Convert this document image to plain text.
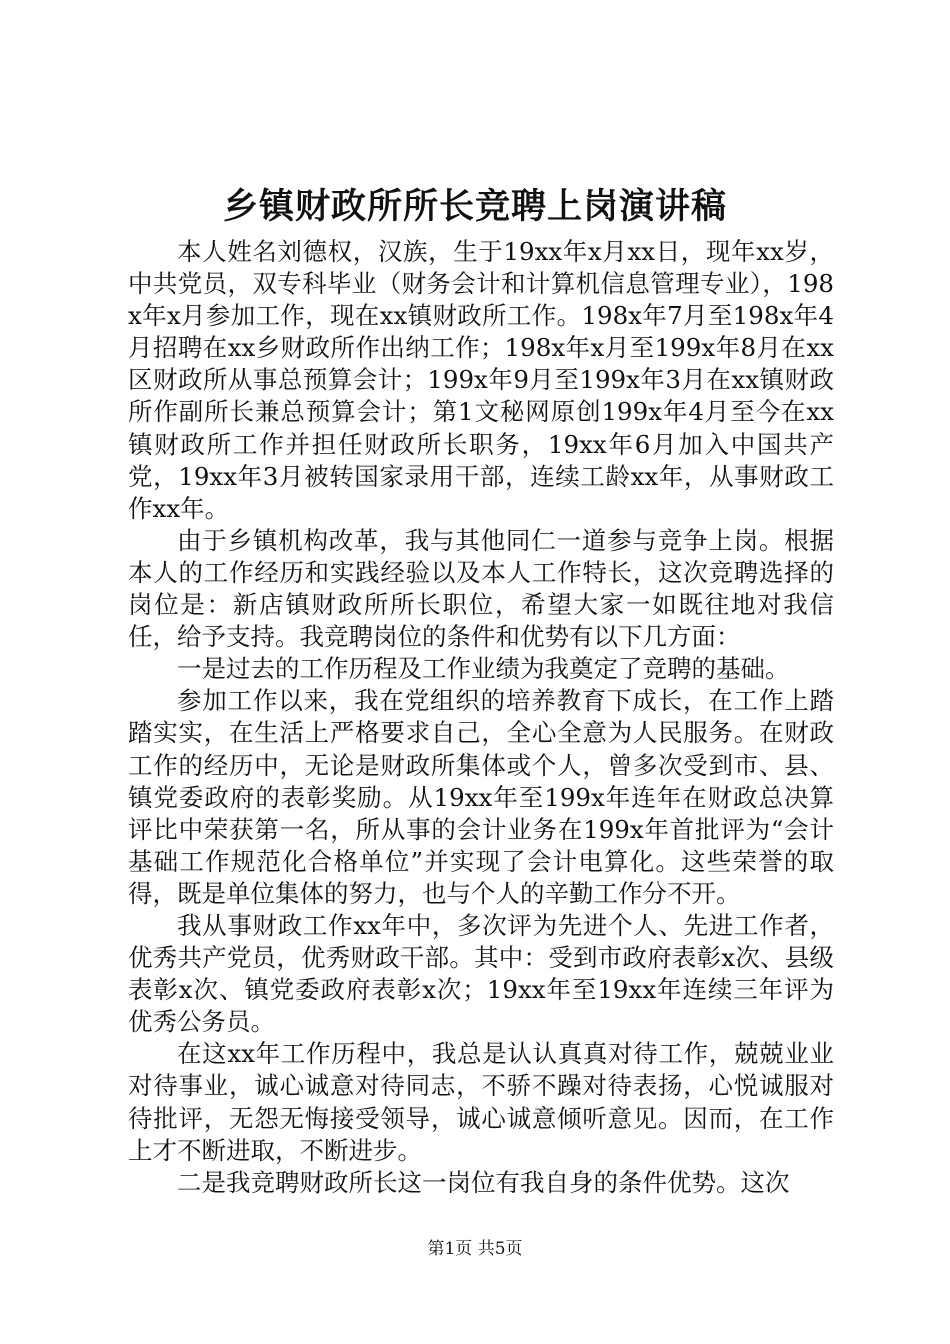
乡镇财政所所长竞聘上岗演讲稿

本人姓名刘德权，汉族，生于19xx年x月xx日，现年xx岁，中共党员，双专科毕业（财务会计和计算机信息管理专业），198x年x月参加工作，现在xx镇财政所工作。198x年7月至198x年4月招聘在xx乡财政所作出纳工作；198x年x月至199x年8月在xx区财政所从事总预算会计；199x年9月至199x年3月在xx镇财政所作副所长兼总预算会计；第1文秘网原创199x年4月至今在xx镇财政所工作并担任财政所长职务，19xx年6月加入中国共产党，19xx年3月被转国家录用干部，连续工龄xx年，从事财政工作xx年。

由于乡镇机构改革，我与其他同仁一道参与竞争上岗。根据本人的工作经历和实践经验以及本人工作特长，这次竞聘选择的岗位是：新店镇财政所所长职位，希望大家一如既往地对我信任，给予支持。我竞聘岗位的条件和优势有以下几方面：

一是过去的工作历程及工作业绩为我奠定了竞聘的基础。

参加工作以来，我在党组织的培养教育下成长，在工作上踏踏实实，在生活上严格要求自己，全心全意为人民服务。在财政工作的经历中，无论是财政所集体或个人，曾多次受到市、县、镇党委政府的表彰奖励。从19xx年至199x年连年在财政总决算评比中荣获第一名，所从事的会计业务在199x年首批评为“会计基础工作规范化合格单位”并实现了会计电算化。这些荣誉的取得，既是单位集体的努力，也与个人的辛勤工作分不开。

我从事财政工作xx年中，多次评为先进个人、先进工作者，优秀共产党员，优秀财政干部。其中：受到市政府表彰x次、县级表彰x次、镇党委政府表彰x次；19xx年至19xx年连续三年评为优秀公务员。

在这xx年工作历程中，我总是认认真真对待工作，兢兢业业对待事业，诚心诚意对待同志，不骄不躁对待表扬，心悦诚服对待批评，无怨无悔接受领导，诚心诚意倾听意见。因而，在工作上才不断进取，不断进步。

二是我竞聘财政所长这一岗位有我自身的条件优势。这次

第1页 共5页
